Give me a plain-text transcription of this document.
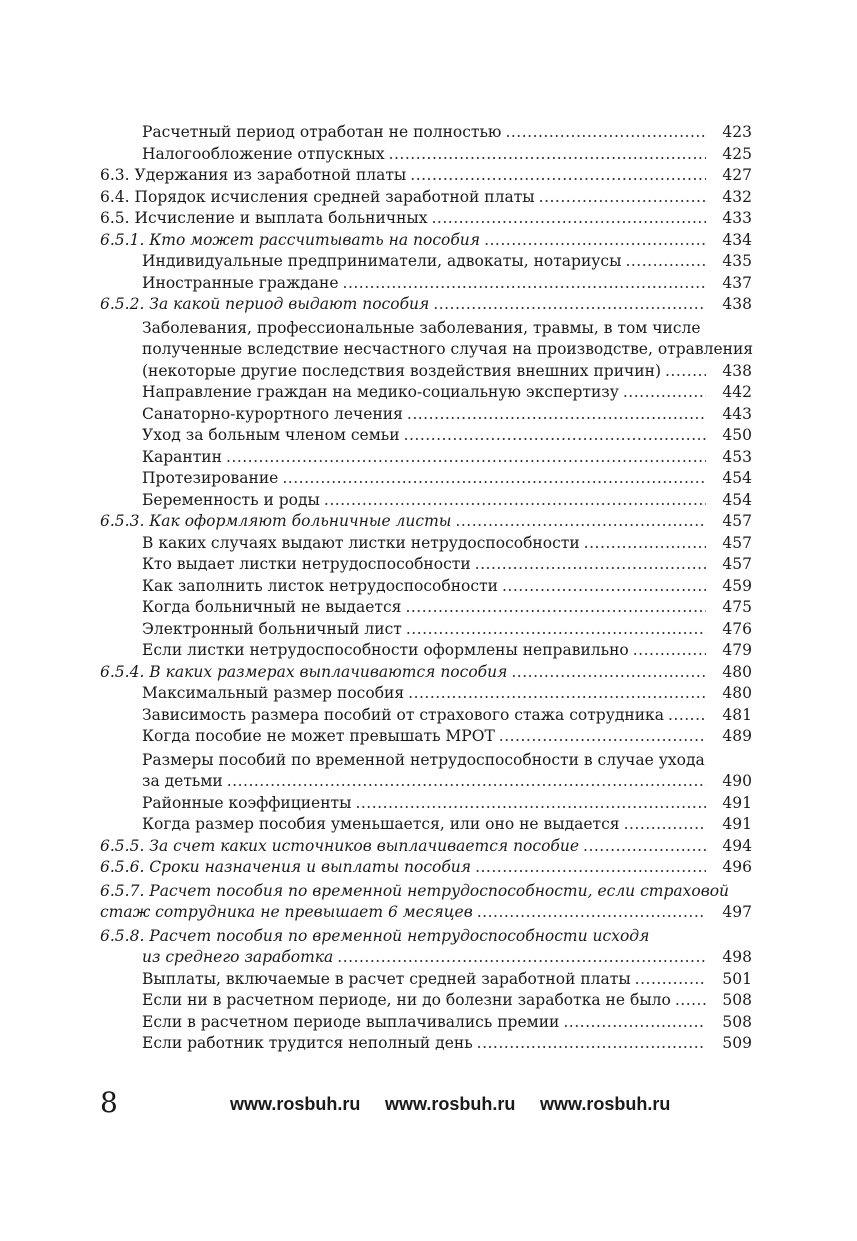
Расчетный период отработан не полностью .....	423
Налогообложение отпускных .....	425
6.3. Удержания из заработной платы .....	427
6.4. Порядок исчисления средней заработной платы .....	432
6.5. Исчисление и выплата больничных .....	433
6.5.1. Кто может рассчитывать на пособия .....	434
Индивидуальные предприниматели, адвокаты, нотариусы .....	435
Иностранные граждане .....	437
6.5.2. За какой период выдают пособия .....	438
Заболевания, профессиональные заболевания, травмы, в том числе
полученные вследствие несчастного случая на производстве, отравления
(некоторые другие последствия воздействия внешних причин) .....	438
Направление граждан на медико-социальную экспертизу .....	442
Санаторно-курортного лечения .....	443
Уход за больным членом семьи .....	450
Карантин .....	453
Протезирование .....	454
Беременность и роды .....	454
6.5.3. Как оформляют больничные листы .....	457
В каких случаях выдают листки нетрудоспособности .....	457
Кто выдает листки нетрудоспособности .....	457
Как заполнить листок нетрудоспособности .....	459
Когда больничный не выдается .....	475
Электронный больничный лист .....	476
Если листки нетрудоспособности оформлены неправильно .....	479
6.5.4. В каких размерах выплачиваются пособия .....	480
Максимальный размер пособия .....	480
Зависимость размера пособий от страхового стажа сотрудника .....	481
Когда пособие не может превышать МРОТ .....	489
Размеры пособий по временной нетрудоспособности в случае ухода
за детьми .....	490
Районные коэффициенты .....	491
Когда размер пособия уменьшается, или оно не выдается .....	491
6.5.5. За счет каких источников выплачивается пособие .....	494
6.5.6. Сроки назначения и выплаты пособия .....	496
6.5.7. Расчет пособия по временной нетрудоспособности, если страховой
стаж сотрудника не превышает 6 месяцев .....	497
6.5.8. Расчет пособия по временной нетрудоспособности исходя
из среднего заработка .....	498
Выплаты, включаемые в расчет средней заработной платы .....	501
Если ни в расчетном периоде, ни до болезни заработка не было .....	508
Если в расчетном периоде выплачивались премии .....	508
Если работник трудится неполный день .....	509
8	www.rosbuh.ru www.rosbuh.ru www.rosbuh.ru
